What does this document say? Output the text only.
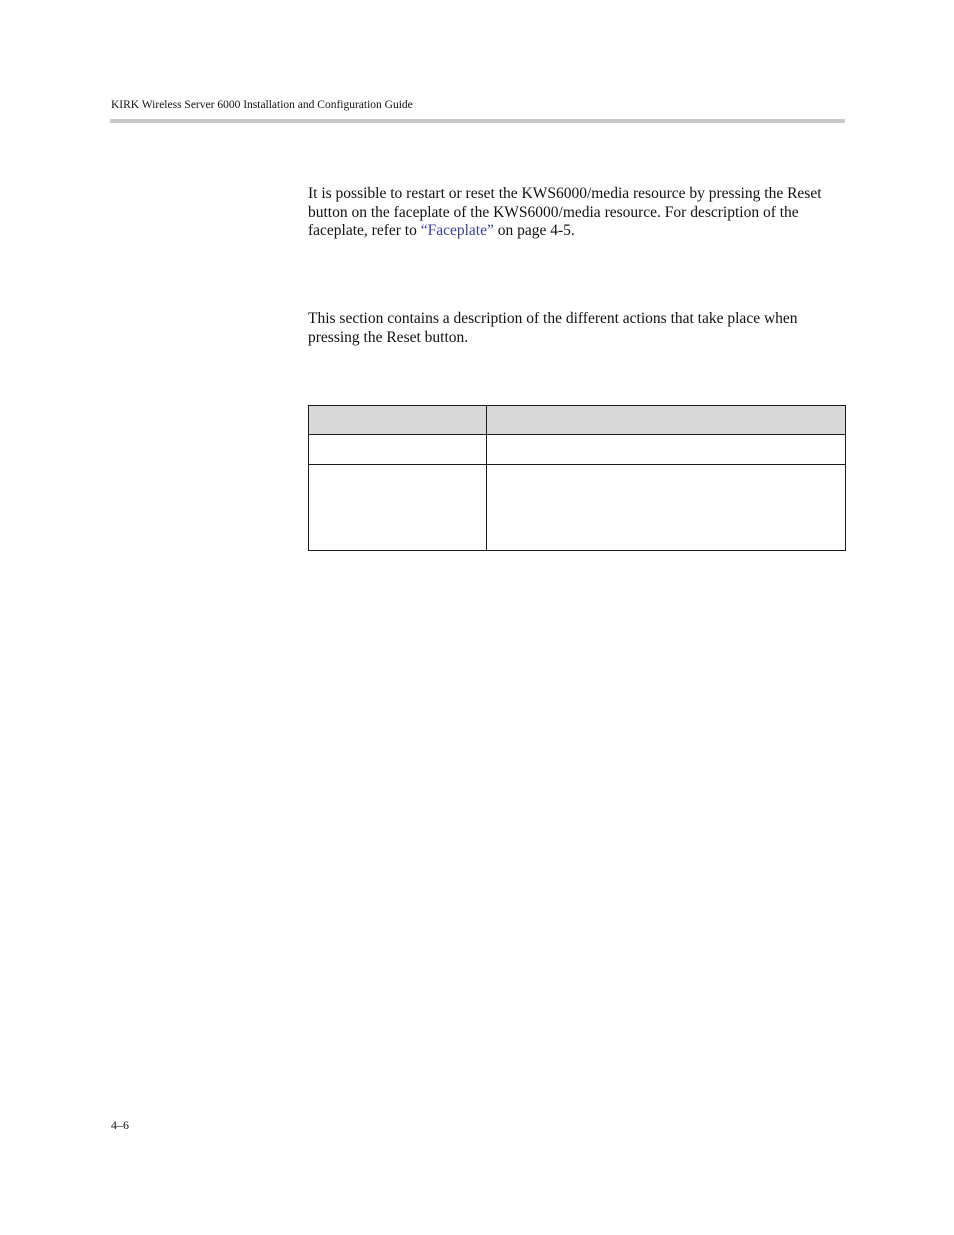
KIRK Wireless Server 6000 Installation and Configuration Guide

It is possible to restart or reset the KWS6000/media resource by pressing the Reset button on the faceplate of the KWS6000/media resource. For description of the faceplate, refer to “Faceplate” on page 4-5.

This section contains a description of the different actions that take place when pressing the Reset button.

4–6
